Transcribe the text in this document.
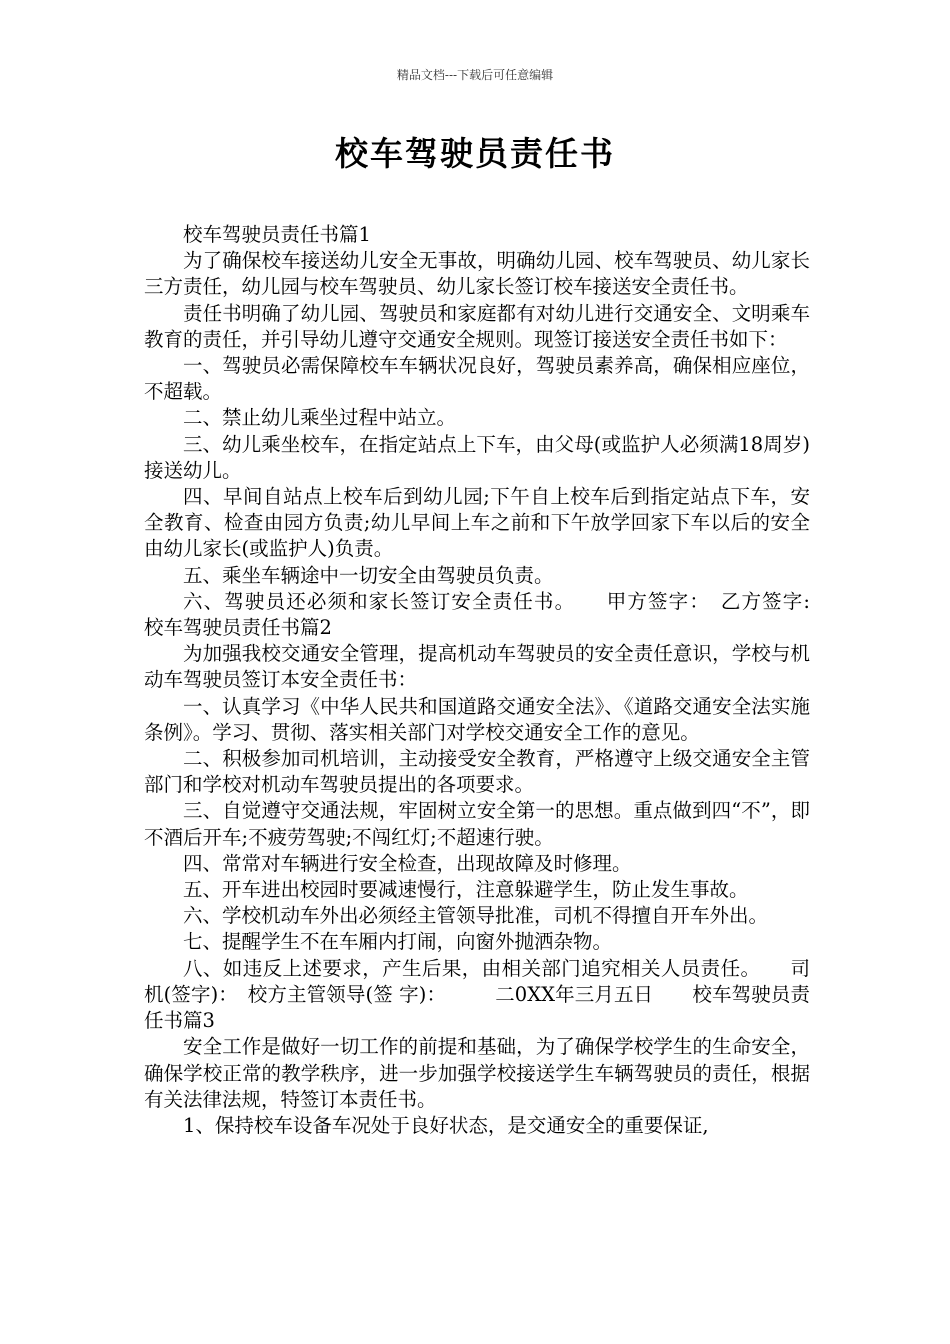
精品文档---下载后可任意编辑
校车驾驶员责任书

校车驾驶员责任书篇1

为了确保校车接送幼儿安全无事故，明确幼儿园、校车驾驶员、幼儿家长三方责任，幼儿园与校车驾驶员、幼儿家长签订校车接送安全责任书。

责任书明确了幼儿园、驾驶员和家庭都有对幼儿进行交通安全、文明乘车教育的责任，并引导幼儿遵守交通安全规则。现签订接送安全责任书如下：

一、驾驶员必需保障校车车辆状况良好，驾驶员素养高，确保相应座位，不超载。

二、禁止幼儿乘坐过程中站立。

三、幼儿乘坐校车，在指定站点上下车，由父母(或监护人必须满18周岁)接送幼儿。

四、早间自站点上校车后到幼儿园;下午自上校车后到指定站点下车，安全教育、检查由园方负责;幼儿早间上车之前和下午放学回家下车以后的安全由幼儿家长(或监护人)负责。

五、乘坐车辆途中一切安全由驾驶员负责。

六、驾驶员还必须和家长签订安全责任书。　　甲方签字：　乙方签字:　　校车驾驶员责任书篇2

为加强我校交通安全管理，提高机动车驾驶员的安全责任意识，学校与机动车驾驶员签订本安全责任书：

一、认真学习《中华人民共和国道路交通安全法》、《道路交通安全法实施条例》。学习、贯彻、落实相关部门对学校交通安全工作的意见。

二、积极参加司机培训，主动接受安全教育，严格遵守上级交通安全主管部门和学校对机动车驾驶员提出的各项要求。

三、自觉遵守交通法规，牢固树立安全第一的思想。重点做到四“不”，即不酒后开车;不疲劳驾驶;不闯红灯;不超速行驶。

四、常常对车辆进行安全检查，出现故障及时修理。

五、开车进出校园时要减速慢行，注意躲避学生，防止发生事故。

六、学校机动车外出必须经主管领导批准，司机不得擅自开车外出。

七、提醒学生不在车厢内打闹，向窗外抛洒杂物。

八、如违反上述要求，产生后果，由相关部门追究相关人员责任。　　司 机(签字)：　校方主管领导(签 字)：　　　二0XX年三月五日　　校车驾驶员责任书篇3

安全工作是做好一切工作的前提和基础，为了确保学校学生的生命安全，确保学校正常的教学秩序，进一步加强学校接送学生车辆驾驶员的责任，根据有关法律法规，特签订本责任书。

1、保持校车设备车况处于良好状态，是交通安全的重要保证,
